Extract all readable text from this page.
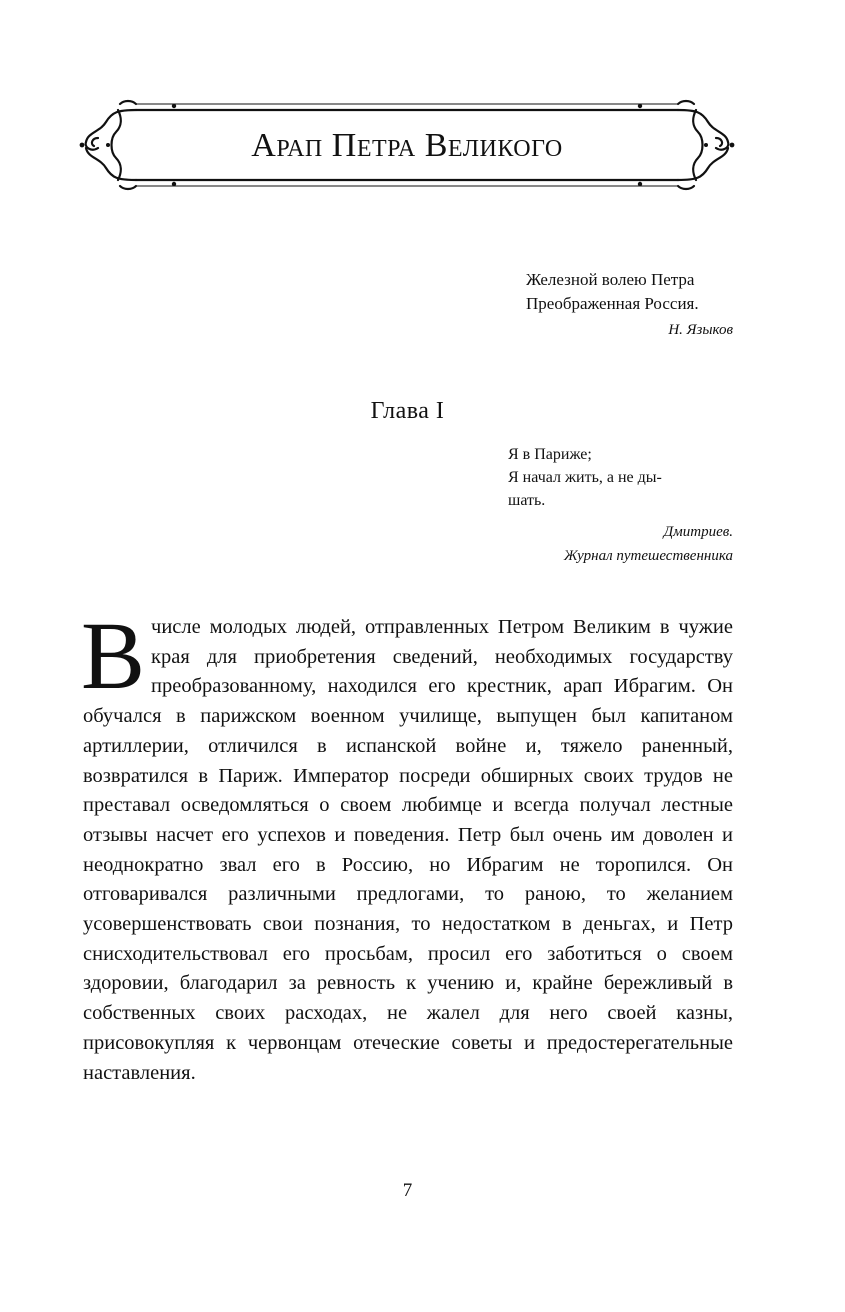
Арап Петра Великого
Железной волею Петра
Преображенная Россия.
Н. Языков
Глава I
Я в Париже;
Я начал жить, а не ды-
шать.
Дмитриев.
Журнал путешественника
В числе молодых людей, отправленных Петром Великим в чужие края для приобретения сведений, необходимых государству преобразованному, находился его крестник, арап Ибрагим. Он обучался в парижском военном училище, выпущен был капитаном артиллерии, отличился в испанской войне и, тяжело раненный, возвратился в Париж. Император посреди обширных своих трудов не преставал осведомляться о своем любимце и всегда получал лестные отзывы насчет его успехов и поведения. Петр был очень им доволен и неоднократно звал его в Россию, но Ибрагим не торопился. Он отговаривался различными предлогами, то раною, то желанием усовершенствовать свои познания, то недостатком в деньгах, и Петр снисходительствовал его просьбам, просил его заботиться о своем здоровии, благодарил за ревность к учению и, крайне бережливый в собственных своих расходах, не жалел для него своей казны, присовокупляя к червонцам отеческие советы и предостерегательные наставления.
7
